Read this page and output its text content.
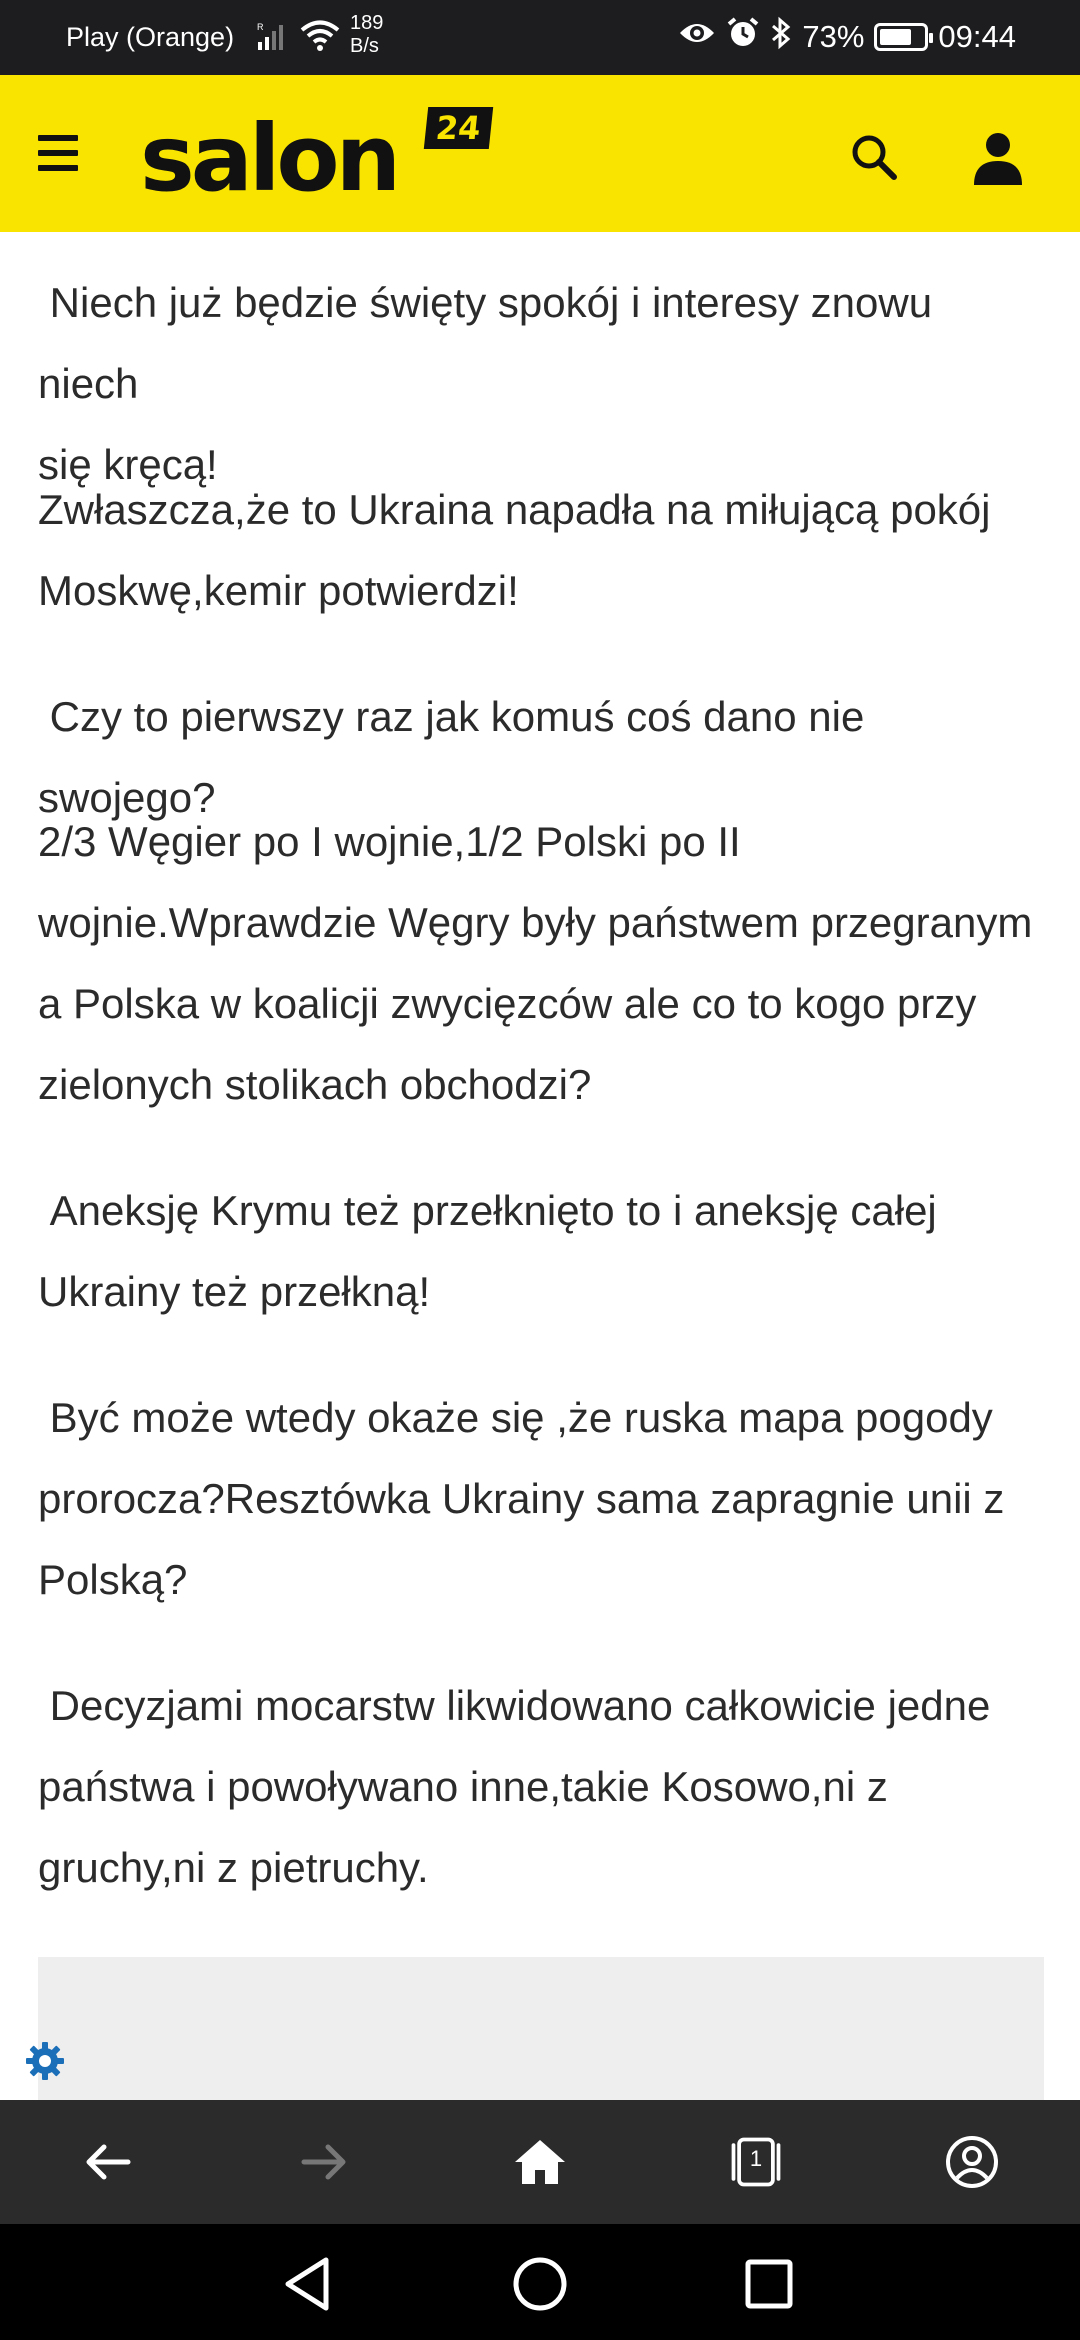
Play (Orange)	R	189
B/s	73% 09:44
salon	24

Niech już będzie święty spokój i interesy znowu niech
się kręcą!

Zwłaszcza,że to Ukraina napadła na miłującą pokój
Moskwę,kemir potwierdzi!

Czy to pierwszy raz jak komuś coś dano nie swojego?

2/3 Węgier po I wojnie,1/2 Polski po II
wojnie.Wprawdzie Węgry były państwem przegranym
a Polska w koalicji zwycięzców ale co to kogo przy
zielonych stolikach obchodzi?

Aneksję Krymu też przełknięto to i aneksję całej
Ukrainy też przełkną!

Być może wtedy okaże się ,że ruska mapa pogody
prorocza?Resztówka Ukrainy sama zapragnie unii z
Polską?

Decyzjami mocarstw likwidowano całkowicie jedne
państwa i powoływano inne,takie Kosowo,ni z
gruchy,ni z pietruchy.

1
